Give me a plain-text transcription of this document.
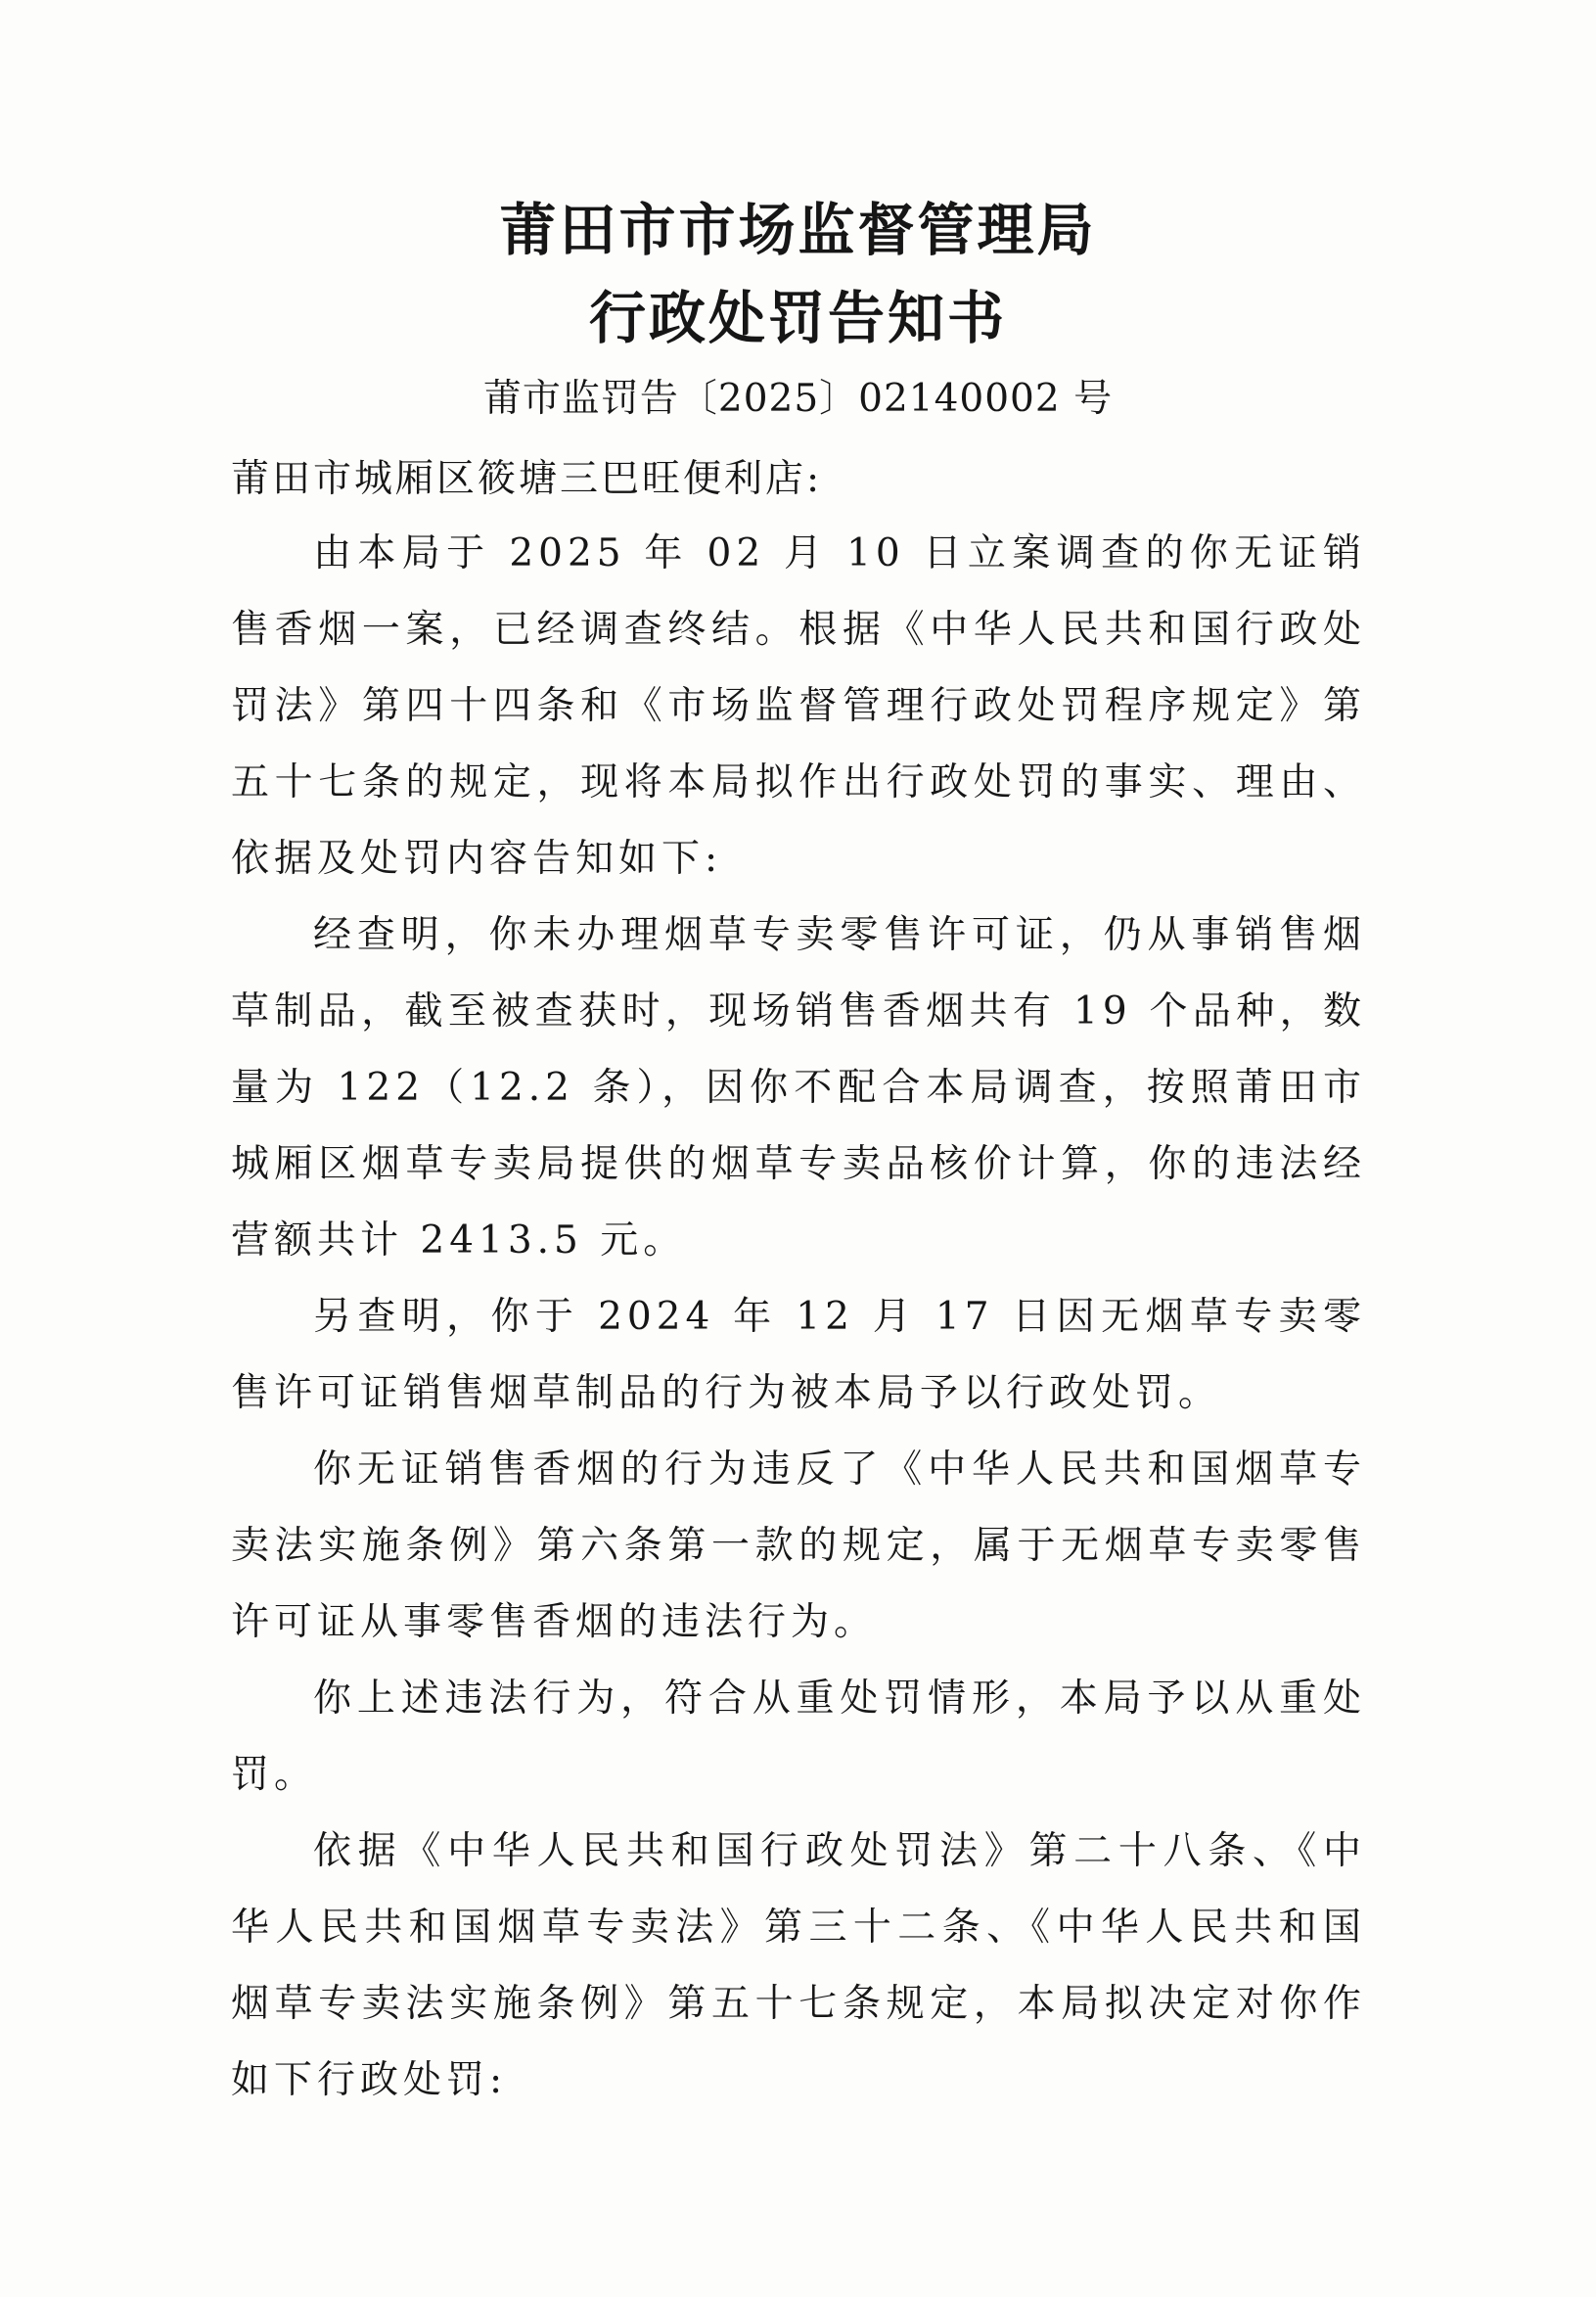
莆田市市场监督管理局
行政处罚告知书
莆市监罚告〔2025〕02140002 号
莆田市城厢区筱塘三巴旺便利店:

由本局于 2025 年 02 月 10 日立案调查的你无证销售香烟一案，已经调查终结。根据《中华人民共和国行政处罚法》第四十四条和《市场监督管理行政处罚程序规定》第五十七条的规定，现将本局拟作出行政处罚的事实、理由、依据及处罚内容告知如下:

经查明，你未办理烟草专卖零售许可证，仍从事销售烟草制品，截至被查获时，现场销售香烟共有 19 个品种，数量为 122（12.2 条），因你不配合本局调查，按照莆田市城厢区烟草专卖局提供的烟草专卖品核价计算，你的违法经营额共计 2413.5 元。

另查明，你于 2024 年 12 月 17 日因无烟草专卖零售许可证销售烟草制品的行为被本局予以行政处罚。

你无证销售香烟的行为违反了《中华人民共和国烟草专卖法实施条例》第六条第一款的规定，属于无烟草专卖零售许可证从事零售香烟的违法行为。

你上述违法行为，符合从重处罚情形，本局予以从重处罚。

依据《中华人民共和国行政处罚法》第二十八条、《中华人民共和国烟草专卖法》第三十二条、《中华人民共和国烟草专卖法实施条例》第五十七条规定，本局拟决定对你作如下行政处罚:
